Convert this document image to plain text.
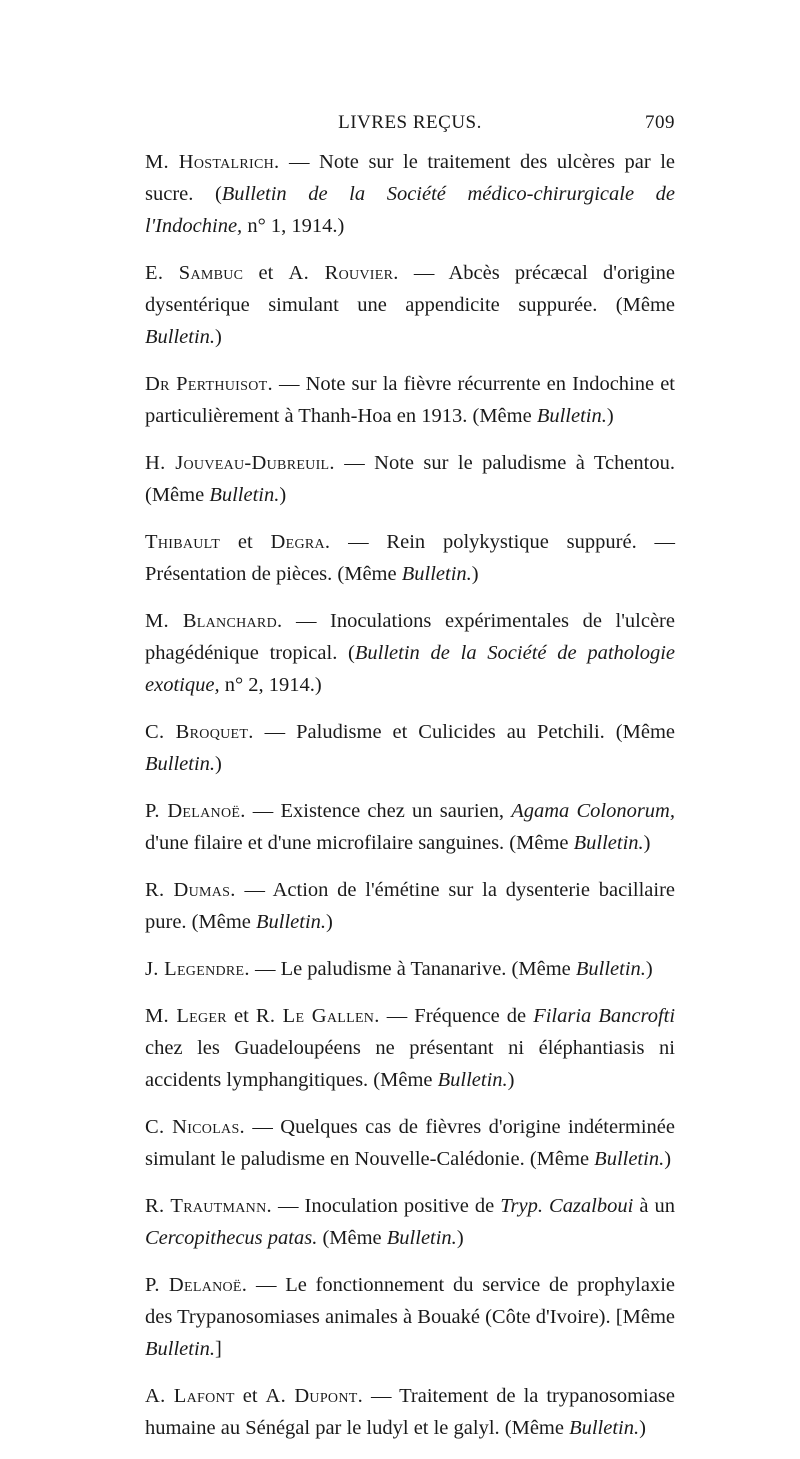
LIVRES REÇUS.	709

M. Hostalrich. — Note sur le traitement des ulcères par le sucre. (Bulletin de la Société médico-chirurgicale de l'Indochine, n° 1, 1914.)

E. Sambuc et A. Rouvier. — Abcès précæcal d'origine dysentérique simulant une appendicite suppurée. (Même Bulletin.)

Dr Perthuisot. — Note sur la fièvre récurrente en Indochine et particulièrement à Thanh-Hoa en 1913. (Même Bulletin.)

H. Jouveau-Dubreuil. — Note sur le paludisme à Tchentou. (Même Bulletin.)

Thibault et Degra. — Rein polykystique suppuré. — Présentation de pièces. (Même Bulletin.)

M. Blanchard. — Inoculations expérimentales de l'ulcère phagédénique tropical. (Bulletin de la Société de pathologie exotique, n° 2, 1914.)

C. Broquet. — Paludisme et Culicides au Petchili. (Même Bulletin.)

P. Delanoë. — Existence chez un saurien, Agama Colonorum, d'une filaire et d'une microfilaire sanguines. (Même Bulletin.)

R. Dumas. — Action de l'émétine sur la dysenterie bacillaire pure. (Même Bulletin.)

J. Legendre. — Le paludisme à Tananarive. (Même Bulletin.)

M. Leger et R. Le Gallen. — Fréquence de Filaria Bancrofti chez les Guadeloupéens ne présentant ni éléphantiasis ni accidents lymphangitiques. (Même Bulletin.)

C. Nicolas. — Quelques cas de fièvres d'origine indéterminée simulant le paludisme en Nouvelle-Calédonie. (Même Bulletin.)

R. Trautmann. — Inoculation positive de Tryp. Cazalboui à un Cercopithecus patas. (Même Bulletin.)

P. Delanoë. — Le fonctionnement du service de prophylaxie des Trypanosomiases animales à Bouaké (Côte d'Ivoire). [Même Bulletin.]

A. Lafont et A. Dupont. — Traitement de la trypanosomiase humaine au Sénégal par le ludyl et le galyl. (Même Bulletin.)
